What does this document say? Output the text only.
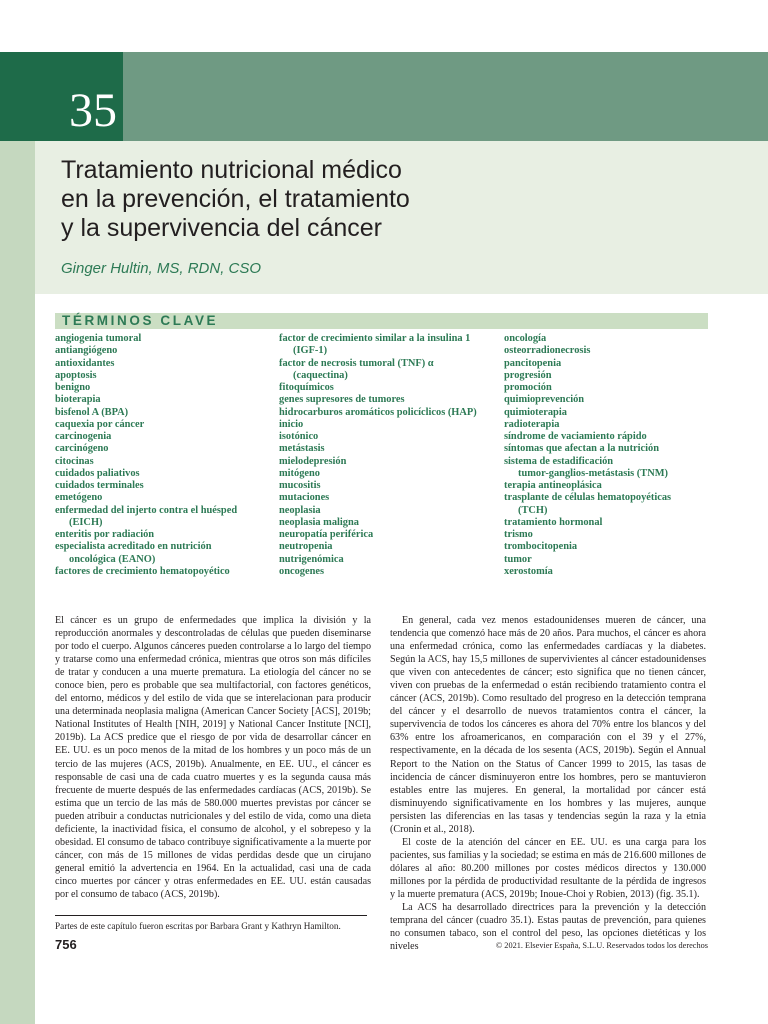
35
Tratamiento nutricional médico
en la prevención, el tratamiento
y la supervivencia del cáncer
Ginger Hultin, MS, RDN, CSO
TÉRMINOS CLAVE
angiogenia tumoral
antiangiógeno
antioxidantes
apoptosis
benigno
bioterapia
bisfenol A (BPA)
caquexia por cáncer
carcinogenia
carcinógeno
citocinas
cuidados paliativos
cuidados terminales
emetógeno
enfermedad del injerto contra el huésped
(EICH)
enteritis por radiación
especialista acreditado en nutrición
oncológica (EANO)
factores de crecimiento hematopoyético
factor de crecimiento similar a la insulina 1
(IGF-1)
factor de necrosis tumoral (TNF) α
(caquectina)
fitoquímicos
genes supresores de tumores
hidrocarburos aromáticos policíclicos (HAP)
inicio
isotónico
metástasis
mielodepresión
mitógeno
mucositis
mutaciones
neoplasia
neoplasia maligna
neuropatía periférica
neutropenia
nutrigenómica
oncogenes
oncología
osteorradionecrosis
pancitopenia
progresión
promoción
quimioprevención
quimioterapia
radioterapia
síndrome de vaciamiento rápido
síntomas que afectan a la nutrición
sistema de estadificación
tumor-ganglios-metástasis (TNM)
terapia antineoplásica
trasplante de células hematopoyéticas
(TCH)
tratamiento hormonal
trismo
trombocitopenia
tumor
xerostomía

El cáncer es un grupo de enfermedades que implica la división y la reproducción anormales y descontroladas de células que pueden diseminarse por todo el cuerpo. Algunos cánceres pueden controlarse a lo largo del tiempo y tratarse como una enfermedad crónica, mientras que otros son más difíciles de tratar y conducen a una muerte prematura. La etiología del cáncer no se conoce bien, pero es probable que sea multifactorial, con factores genéticos, del entorno, médicos y del estilo de vida que se interelacionan para producir una determinada neoplasia maligna (American Cancer Society [ACS], 2019b; National Institutes of Health [NIH, 2019] y National Cancer Institute [NCI], 2019b). La ACS predice que el riesgo de por vida de desarrollar cáncer en EE. UU. es un poco menos de la mitad de los hombres y un poco más de un tercio de las mujeres (ACS, 2019b). Anualmente, en EE. UU., el cáncer es responsable de casi una de cada cuatro muertes y es la segunda causa más frecuente de muerte después de las enfermedades cardíacas (ACS, 2019b). Se estima que un tercio de las más de 580.000 muertes previstas por cáncer se pueden atribuir a conductas nutricionales y del estilo de vida, como una dieta deficiente, la inactividad física, el consumo de alcohol, y el sobrepeso y la obesidad. El consumo de tabaco contribuye significativamente a la muerte por cáncer, con más de 15 millones de vidas perdidas desde que un cirujano general emitió la advertencia en 1964. En la actualidad, casi una de cada cinco muertes por cáncer y otras enfermedades en EE. UU. están causadas por el consumo de tabaco (ACS, 2019b).

En general, cada vez menos estadounidenses mueren de cáncer, una tendencia que comenzó hace más de 20 años. Para muchos, el cáncer es ahora una enfermedad crónica, como las enfermedades cardíacas y la diabetes. Según la ACS, hay 15,5 millones de supervivientes al cáncer estadounidenses que viven con antecedentes de cáncer; esto significa que no tienen cáncer, viven con pruebas de la enfermedad o están recibiendo tratamiento contra el cáncer (ACS, 2019b). Como resultado del progreso en la detección temprana del cáncer y el desarrollo de nuevos tratamientos contra el cáncer, la supervivencia de todos los cánceres es ahora del 70% entre los blancos y del 63% entre los afroamericanos, en comparación con el 39 y el 27%, respectivamente, en la década de los sesenta (ACS, 2019b). Según el Annual Report to the Nation on the Status of Cancer 1999 to 2015, las tasas de incidencia de cáncer disminuyeron entre los hombres, pero se mantuvieron estables entre las mujeres. En general, la mortalidad por cáncer está disminuyendo significativamente en los hombres y las mujeres, aunque persisten las diferencias en las tasas y tendencias según la raza y la etnia (Cronin et al., 2018).

El coste de la atención del cáncer en EE. UU. es una carga para los pacientes, sus familias y la sociedad; se estima en más de 216.600 millones de dólares al año: 80.200 millones por costes médicos directos y 130.000 millones por la pérdida de productividad resultante de la pérdida de ingresos y la muerte prematura (ACS, 2019b; Inoue-Choi y Robien, 2013) (fig. 35.1).

La ACS ha desarrollado directrices para la prevención y la detección temprana del cáncer (cuadro 35.1). Estas pautas de prevención, para quienes no consumen tabaco, son el control del peso, las opciones dietéticas y los niveles

Partes de este capítulo fueron escritas por Barbara Grant y Kathryn Hamilton.
756	© 2021. Elsevier España, S.L.U. Reservados todos los derechos
